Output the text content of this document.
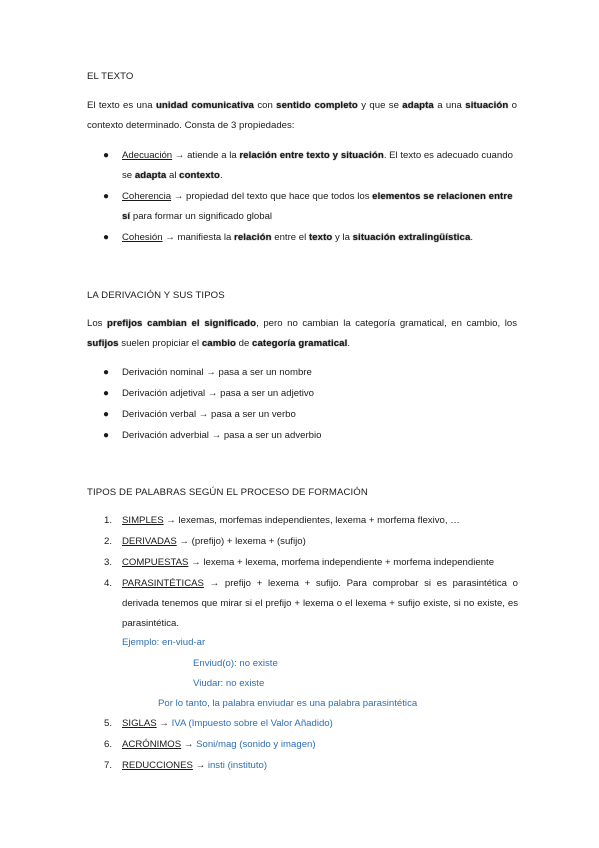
EL TEXTO
El texto es una unidad comunicativa con sentido completo y que se adapta a una situación o contexto determinado. Consta de 3 propiedades:
● Adecuación → atiende a la relación entre texto y situación. El texto es adecuado cuando se adapta al contexto.
● Coherencia → propiedad del texto que hace que todos los elementos se relacionen entre sí para formar un significado global
● Cohesión → manifiesta la relación entre el texto y la situación extralingüística.
LA DERIVACIÓN Y SUS TIPOS
Los prefijos cambian el significado, pero no cambian la categoría gramatical, en cambio, los sufijos suelen propiciar el cambio de categoría gramatical.
● Derivación nominal → pasa a ser un nombre
● Derivación adjetival → pasa a ser un adjetivo
● Derivación verbal → pasa a ser un verbo
● Derivación adverbial → pasa a ser un adverbio
TIPOS DE PALABRAS SEGÚN EL PROCESO DE FORMACIÓN
1. SIMPLES → lexemas, morfemas independientes, lexema + morfema flexivo, …
2. DERIVADAS → (prefijo) + lexema + (sufijo)
3. COMPUESTAS → lexema + lexema, morfema independiente + morfema independiente
4. PARASINTÉTICAS → prefijo + lexema + sufijo. Para comprobar si es parasintética o derivada tenemos que mirar si el prefijo + lexema o el lexema + sufijo existe, si no existe, es parasintética.
Ejemplo: en-viud-ar
Enviud(o): no existe
Viudar: no existe
Por lo tanto, la palabra enviudar es una palabra parasintética
5. SIGLAS → IVA (Impuesto sobre el Valor Añadido)
6. ACRÓNIMOS → Soni/mag (sonido y imagen)
7. REDUCCIONES → insti (instituto)
